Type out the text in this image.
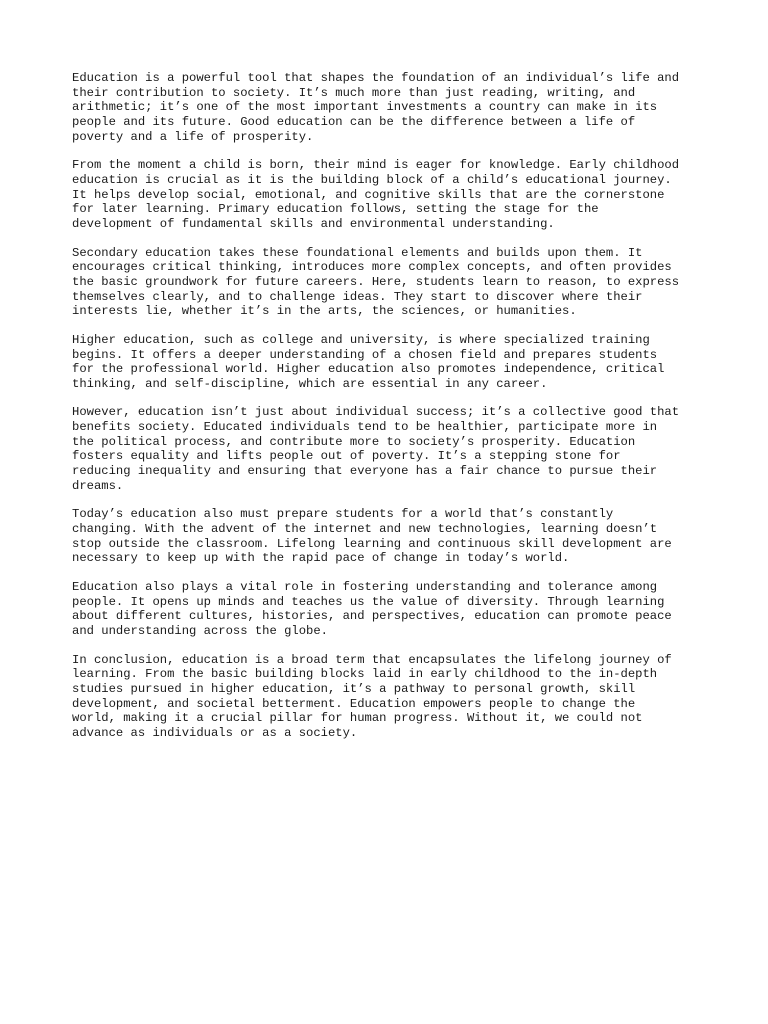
Education is a powerful tool that shapes the foundation of an individual’s life and
their contribution to society. It’s much more than just reading, writing, and
arithmetic; it’s one of the most important investments a country can make in its
people and its future. Good education can be the difference between a life of
poverty and a life of prosperity.

From the moment a child is born, their mind is eager for knowledge. Early childhood
education is crucial as it is the building block of a child’s educational journey.
It helps develop social, emotional, and cognitive skills that are the cornerstone
for later learning. Primary education follows, setting the stage for the
development of fundamental skills and environmental understanding.

Secondary education takes these foundational elements and builds upon them. It
encourages critical thinking, introduces more complex concepts, and often provides
the basic groundwork for future careers. Here, students learn to reason, to express
themselves clearly, and to challenge ideas. They start to discover where their
interests lie, whether it’s in the arts, the sciences, or humanities.

Higher education, such as college and university, is where specialized training
begins. It offers a deeper understanding of a chosen field and prepares students
for the professional world. Higher education also promotes independence, critical
thinking, and self-discipline, which are essential in any career.

However, education isn’t just about individual success; it’s a collective good that
benefits society. Educated individuals tend to be healthier, participate more in
the political process, and contribute more to society’s prosperity. Education
fosters equality and lifts people out of poverty. It’s a stepping stone for
reducing inequality and ensuring that everyone has a fair chance to pursue their
dreams.

Today’s education also must prepare students for a world that’s constantly
changing. With the advent of the internet and new technologies, learning doesn’t
stop outside the classroom. Lifelong learning and continuous skill development are
necessary to keep up with the rapid pace of change in today’s world.

Education also plays a vital role in fostering understanding and tolerance among
people. It opens up minds and teaches us the value of diversity. Through learning
about different cultures, histories, and perspectives, education can promote peace
and understanding across the globe.

In conclusion, education is a broad term that encapsulates the lifelong journey of
learning. From the basic building blocks laid in early childhood to the in-depth
studies pursued in higher education, it’s a pathway to personal growth, skill
development, and societal betterment. Education empowers people to change the
world, making it a crucial pillar for human progress. Without it, we could not
advance as individuals or as a society.
